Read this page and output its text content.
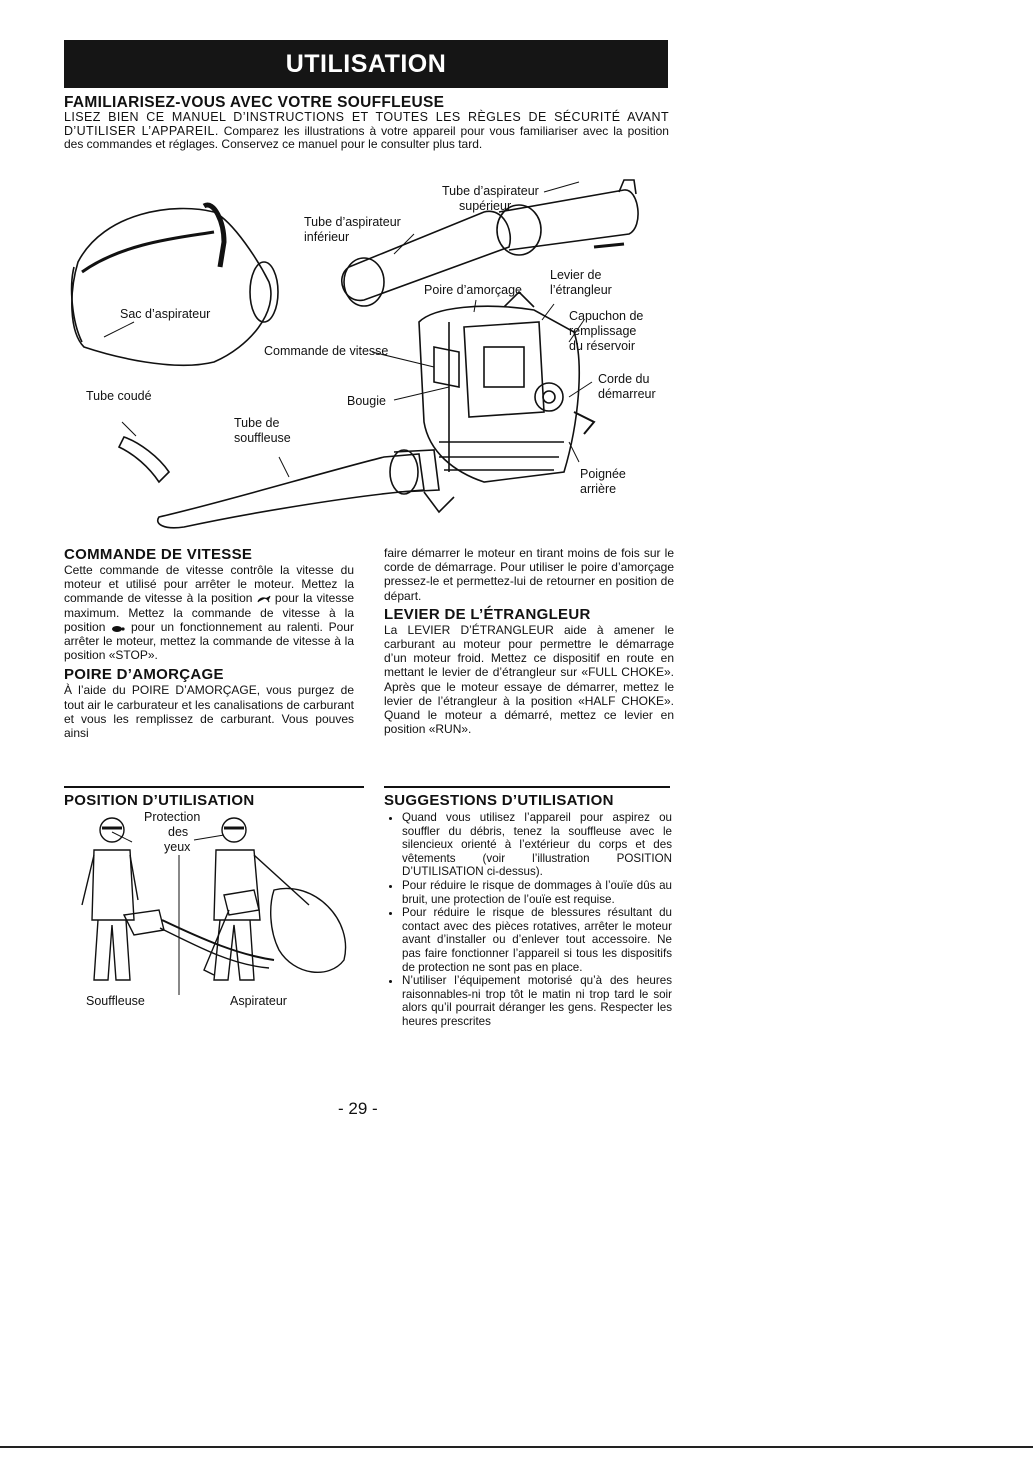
UTILISATION
FAMILIARISEZ-VOUS AVEC VOTRE SOUFFLEUSE

LISEZ BIEN CE MANUEL D’INSTRUCTIONS ET TOUTES LES RÈGLES DE SÉCURITÉ AVANT D’UTILISER L’APPAREIL. Comparez les illustrations à votre appareil pour vous familiariser avec la position des commandes et réglages. Conservez ce manuel pour le consulter plus tard.

Tube d’aspirateur
supérieur
Tube d’aspirateur
inférieur
Levier de
l’étrangleur
Poire d’amorçage
Sac d’aspirateur	Capuchon de
remplissage
du réservoir
Commande de vitesse
Corde du
démarreur
Tube coudé	Bougie
Tube de
souffleuse
Poignée
arrière
COMMANDE DE VITESSE

Cette commande de vitesse contrôle la vitesse du moteur et utilisé pour arrêter le moteur. Mettez la commande de vitesse à la position pour la vitesse maximum. Mettez la commande de vitesse à la position pour un fonctionnement au ralenti. Pour arrêter le moteur, mettez la commande de vitesse à la position «STOP».

POIRE D’AMORÇAGE

À l’aide du POIRE D’AMORÇAGE, vous purgez de tout air le carburateur et les canalisations de carburant et vous les remplissez de carburant. Vous pouves ainsi

faire démarrer le moteur en tirant moins de fois sur le corde de démarrage. Pour utiliser le poire d’amorçage pressez-le et permettez-lui de retourner en position de départ.

LEVIER DE L’ÉTRANGLEUR

La LEVIER D’ÉTRANGLEUR aide à amener le carburant au moteur pour permettre le démarrage d’un moteur froid. Mettez ce dispositif en route en mettant le levier de d’étrangleur sur «FULL CHOKE». Après que le moteur essaye de démarrer, mettez le levier de l’étrangleur à la position «HALF CHOKE». Quand le moteur a démarré, mettez ce levier en position «RUN».

POSITION D’UTILISATION
Protection
des
yeux
Souffleuse	Aspirateur
SUGGESTIONS D’UTILISATION
• Quand vous utilisez l’appareil pour aspirez ou souffler du débris, tenez la souffleuse avec le silencieux orienté à l’extérieur du corps et des vêtements (voir l’illustration POSITION D’UTILISATION ci-dessus).
• Pour réduire le risque de dommages à l’ouïe dûs au bruit, une protection de l’ouïe est requise.
• Pour réduire le risque de blessures résultant du contact avec des pièces rotatives, arrêter le moteur avant d’installer ou d’enlever tout accessoire. Ne pas faire fonctionner l’appareil si tous les dispositifs de protection ne sont pas en place.
• N’utiliser l’équipement motorisé qu’à des heures raisonnables-ni trop tôt le matin ni trop tard le soir alors qu’il pourrait déranger les gens. Respecter les heures prescrites
- 29 -
